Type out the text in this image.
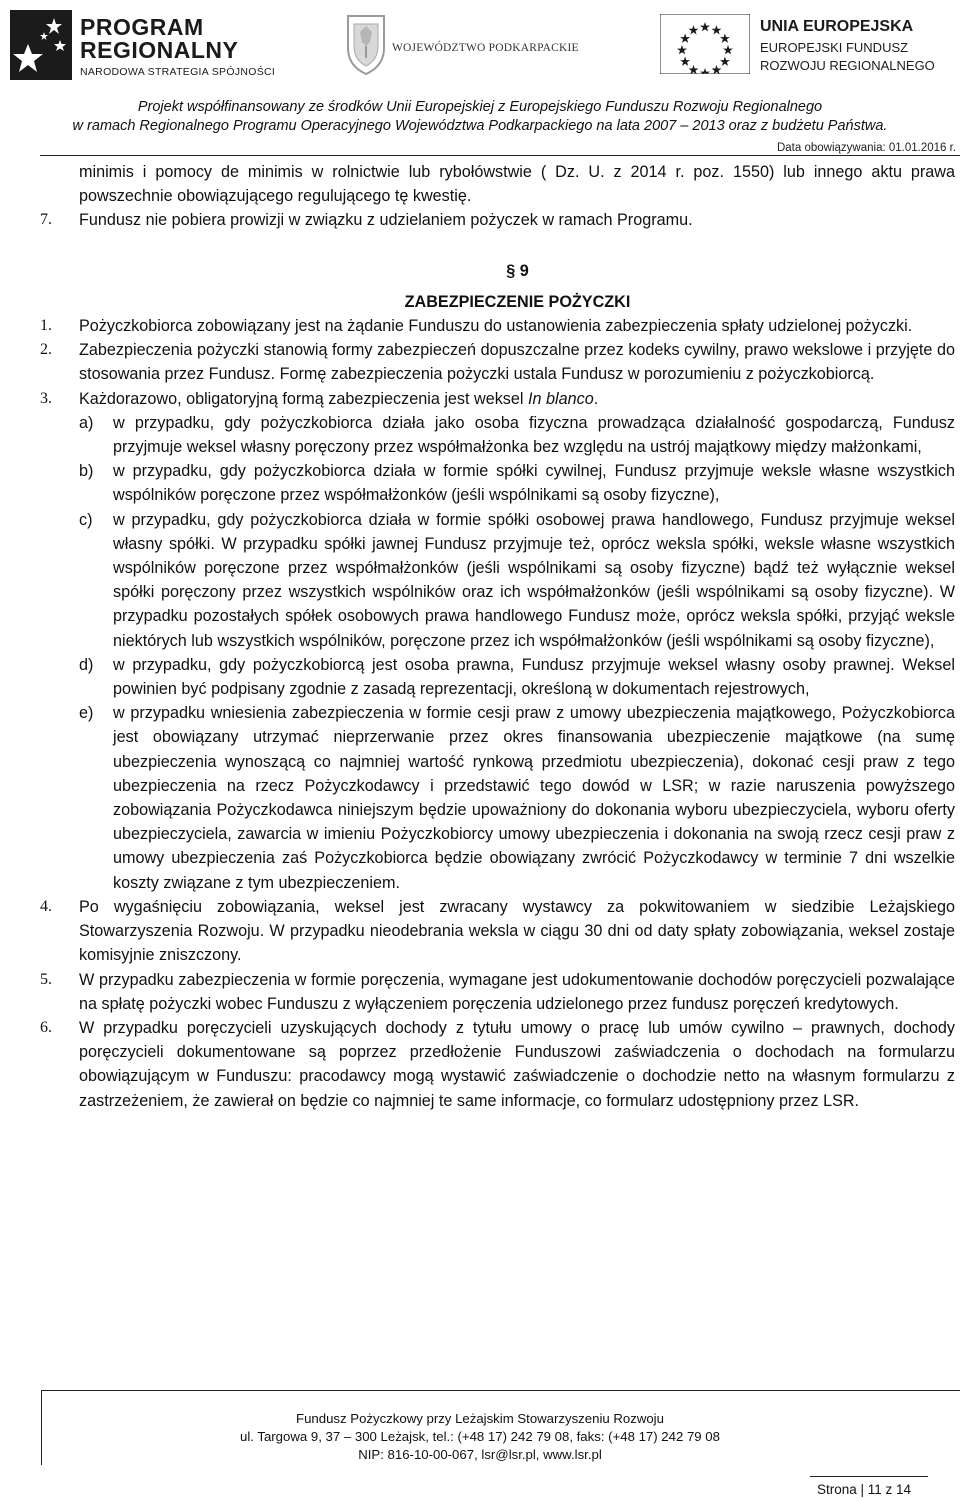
PROGRAM
REGIONALNY
NARODOWA STRATEGIA SPÓJNOŚCI
WOJEWÓDZTWO PODKARPACKIE
UNIA EUROPEJSKA
EUROPEJSKI FUNDUSZ
ROZWOJU REGIONALNEGO
Projekt współfinansowany ze środków Unii Europejskiej z Europejskiego Funduszu Rozwoju Regionalnego
w ramach Regionalnego Programu Operacyjnego Województwa Podkarpackiego na lata 2007 – 2013 oraz z budżetu Państwa.
Data obowiązywania: 01.01.2016 r.

minimis i pomocy de minimis w rolnictwie lub rybołówstwie ( Dz. U. z 2014 r. poz. 1550) lub innego aktu prawa powszechnie obowiązującego regulującego tę kwestię.

7. Fundusz nie pobiera prowizji w związku z udzielaniem pożyczek w ramach Programu.

§ 9

ZABEZPIECZENIE POŻYCZKI

1. Pożyczkobiorca zobowiązany jest na żądanie Funduszu do ustanowienia zabezpieczenia spłaty udzielonej pożyczki.
2. Zabezpieczenia pożyczki stanowią formy zabezpieczeń dopuszczalne przez kodeks cywilny, prawo wekslowe i przyjęte do stosowania przez Fundusz. Formę zabezpieczenia pożyczki ustala Fundusz w porozumieniu z pożyczkobiorcą.
3. Każdorazowo, obligatoryjną formą zabezpieczenia jest weksel In blanco.
a) w przypadku, gdy pożyczkobiorca działa jako osoba fizyczna prowadząca działalność gospodarczą, Fundusz przyjmuje weksel własny poręczony przez współmałżonka bez względu na ustrój majątkowy między małżonkami,
b) w przypadku, gdy pożyczkobiorca działa w formie spółki cywilnej, Fundusz przyjmuje weksle własne wszystkich wspólników poręczone przez współmałżonków (jeśli wspólnikami są osoby fizyczne),
c) w przypadku, gdy pożyczkobiorca działa w formie spółki osobowej prawa handlowego, Fundusz przyjmuje weksel własny spółki. W przypadku spółki jawnej Fundusz przyjmuje też, oprócz weksla spółki, weksle własne wszystkich wspólników poręczone przez współmałżonków (jeśli wspólnikami są osoby fizyczne) bądź też wyłącznie weksel spółki poręczony przez wszystkich wspólników oraz ich współmałżonków (jeśli wspólnikami są osoby fizyczne). W przypadku pozostałych spółek osobowych prawa handlowego Fundusz może, oprócz weksla spółki, przyjąć weksle niektórych lub wszystkich wspólników, poręczone przez ich współmałżonków (jeśli wspólnikami są osoby fizyczne),
d) w przypadku, gdy pożyczkobiorcą jest osoba prawna, Fundusz przyjmuje weksel własny osoby prawnej. Weksel powinien być podpisany zgodnie z zasadą reprezentacji, określoną w dokumentach rejestrowych,
e) w przypadku wniesienia zabezpieczenia w formie cesji praw z umowy ubezpieczenia majątkowego, Pożyczkobiorca jest obowiązany utrzymać nieprzerwanie przez okres finansowania ubezpieczenie majątkowe (na sumę ubezpieczenia wynoszącą co najmniej wartość rynkową przedmiotu ubezpieczenia), dokonać cesji praw z tego ubezpieczenia na rzecz Pożyczkodawcy i przedstawić tego dowód w LSR; w razie naruszenia powyższego zobowiązania Pożyczkodawca niniejszym będzie upoważniony do dokonania wyboru ubezpieczyciela, wyboru oferty ubezpieczyciela, zawarcia w imieniu Pożyczkobiorcy umowy ubezpieczenia i dokonania na swoją rzecz cesji praw z umowy ubezpieczenia zaś Pożyczkobiorca będzie obowiązany zwrócić Pożyczkodawcy w terminie 7 dni wszelkie koszty związane z tym ubezpieczeniem.
4. Po wygaśnięciu zobowiązania, weksel jest zwracany wystawcy za pokwitowaniem w siedzibie Leżajskiego Stowarzyszenia Rozwoju. W przypadku nieodebrania weksla w ciągu 30 dni od daty spłaty zobowiązania, weksel zostaje komisyjnie zniszczony.
5. W przypadku zabezpieczenia w formie poręczenia, wymagane jest udokumentowanie dochodów poręczycieli pozwalające na spłatę pożyczki wobec Funduszu z wyłączeniem poręczenia udzielonego przez fundusz poręczeń kredytowych.
6. W przypadku poręczycieli uzyskujących dochody z tytułu umowy o pracę lub umów cywilno – prawnych, dochody poręczycieli dokumentowane są poprzez przedłożenie Funduszowi zaświadczenia o dochodach na formularzu obowiązującym w Funduszu: pracodawcy mogą wystawić zaświadczenie o dochodzie netto na własnym formularzu z zastrzeżeniem, że zawierał on będzie co najmniej te same informacje, co formularz udostępniony przez LSR.
Fundusz Pożyczkowy przy Leżajskim Stowarzyszeniu Rozwoju
ul. Targowa 9, 37 – 300 Leżajsk, tel.: (+48 17) 242 79 08, faks: (+48 17) 242 79 08
NIP: 816-10-00-067, lsr@lsr.pl, www.lsr.pl
Strona | 11 z 14
